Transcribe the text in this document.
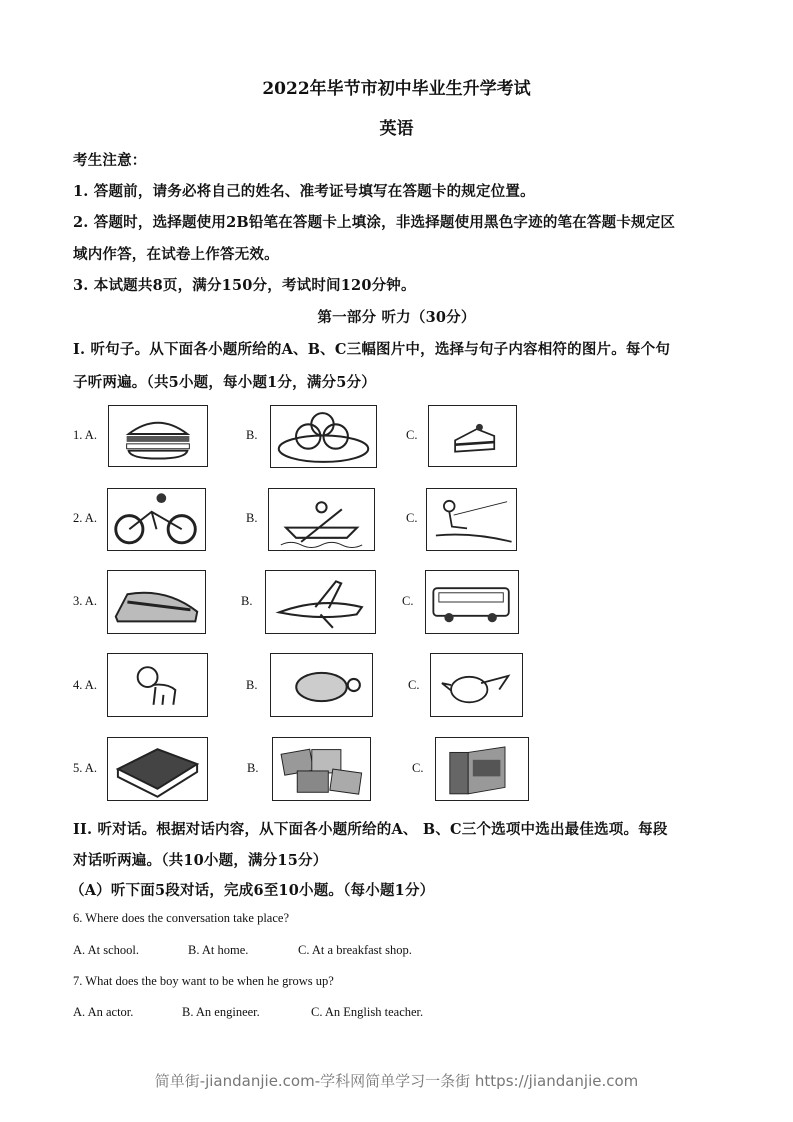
2022年毕节市初中毕业生升学考试
英语
考生注意：
1. 答题前，请务必将自己的姓名、准考证号填写在答题卡的规定位置。
2. 答题时，选择题使用2B铅笔在答题卡上填涂，非选择题使用黑色字迹的笔在答题卡规定区
域内作答，在试卷上作答无效。
3. 本试题共8页，满分150分，考试时间120分钟。
第一部分 听力（30分）
I. 听句子。从下面各小题所给的A、B、C三幅图片中，选择与句子内容相符的图片。每个句
子听两遍。（共5小题，每小题1分，满分5分）
1. A.	B.	C.
2. A.	B.	C.
3. A.	B.	C.
4. A.	B.	C.
5. A.	B.	C.
II. 听对话。根据对话内容，从下面各小题所给的A、 B、C三个选项中选出最佳选项。每段
对话听两遍。（共10小题，满分15分）
（A）听下面5段对话，完成6至10小题。（每小题1分）
6. Where does the conversation take place?
A. At school.	B. At home.	C. At a breakfast shop.
7. What does the boy want to be when he grows up?
A. An actor.	B. An engineer.	C. An English teacher.
简单街-jiandanjie.com-学科网简单学习一条街 https://jiandanjie.com
